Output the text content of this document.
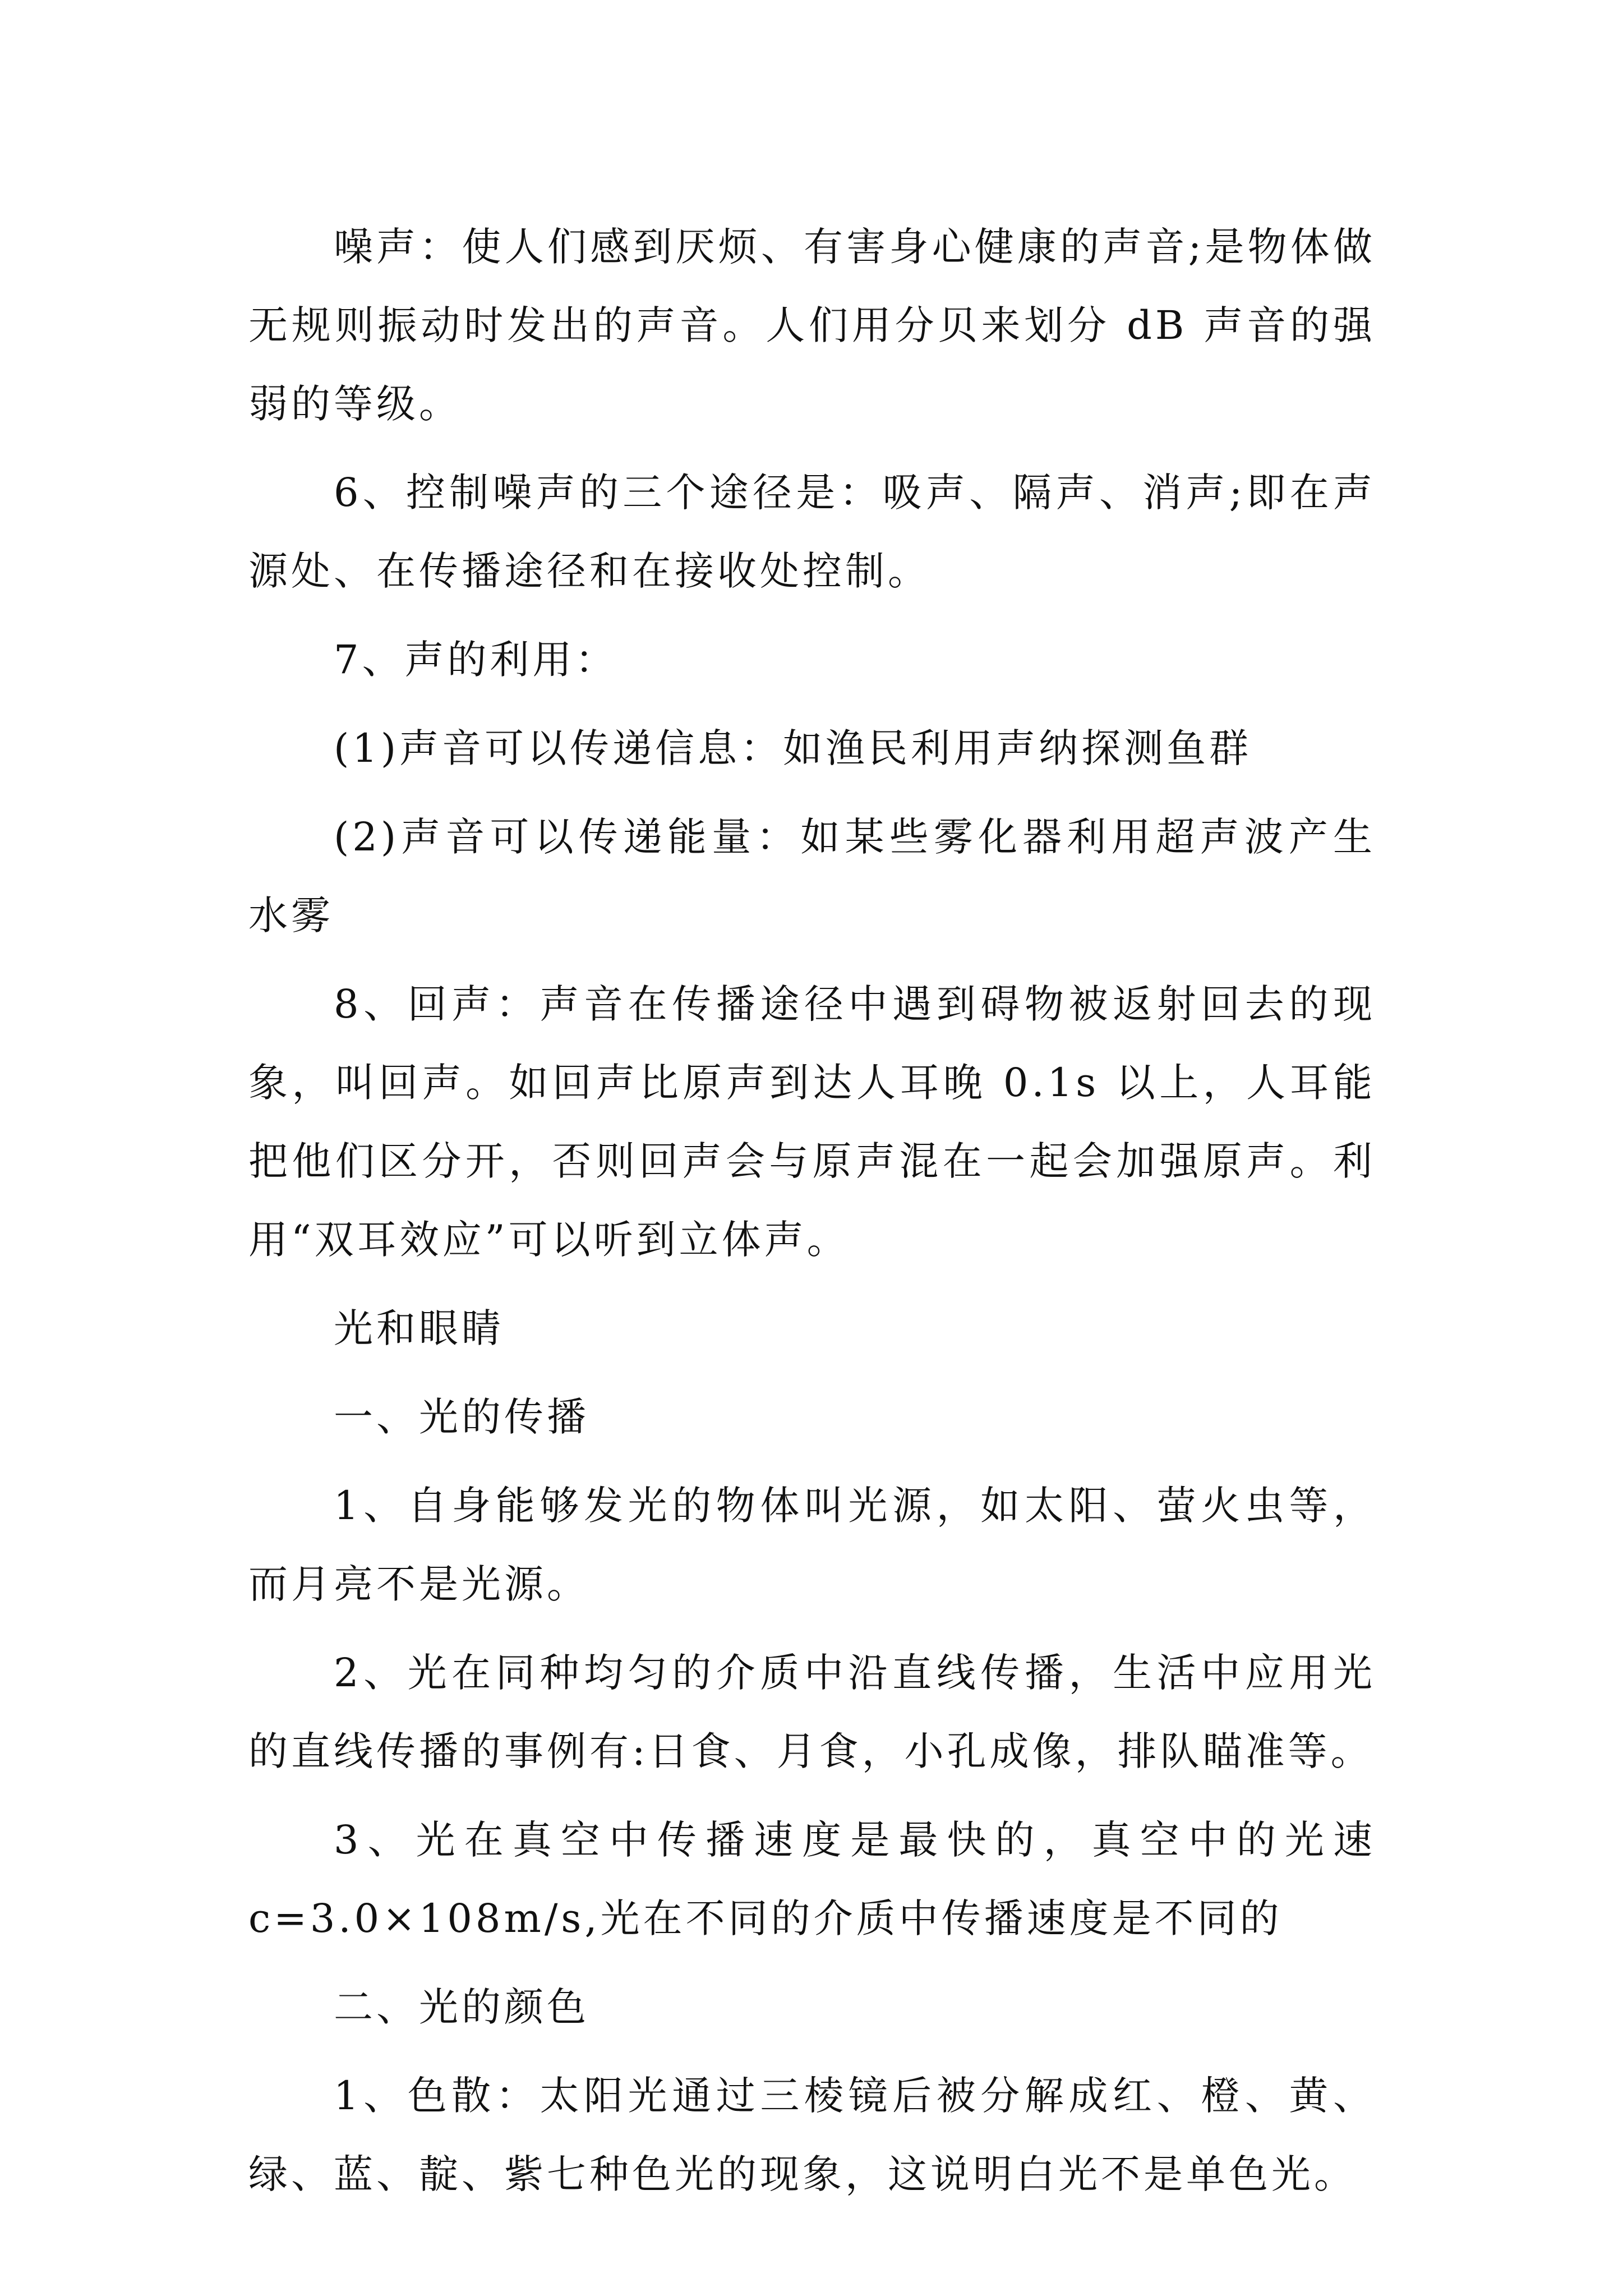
噪声：使人们感到厌烦、有害身心健康的声音;是物体做无规则振动时发出的声音。人们用分贝来划分 dB 声音的强弱的等级。

6、控制噪声的三个途径是：吸声、隔声、消声;即在声源处、在传播途径和在接收处控制。

7、声的利用：

(1)声音可以传递信息：如渔民利用声纳探测鱼群

(2)声音可以传递能量：如某些雾化器利用超声波产生水雾

8、回声：声音在传播途径中遇到碍物被返射回去的现象，叫回声。如回声比原声到达人耳晚 0.1s 以上，人耳能把他们区分开，否则回声会与原声混在一起会加强原声。利用“双耳效应”可以听到立体声。

光和眼睛

一、光的传播

1、自身能够发光的物体叫光源，如太阳、萤火虫等，而月亮不是光源。

2、光在同种均匀的介质中沿直线传播，生活中应用光的直线传播的事例有:日食、月食，小孔成像，排队瞄准等。

3、光在真空中传播速度是最快的，真空中的光速 c=3.0×108m/s,光在不同的介质中传播速度是不同的

二、光的颜色

1、色散：太阳光通过三棱镜后被分解成红、橙、黄、绿、蓝、靛、紫七种色光的现象，这说明白光不是单色光。
